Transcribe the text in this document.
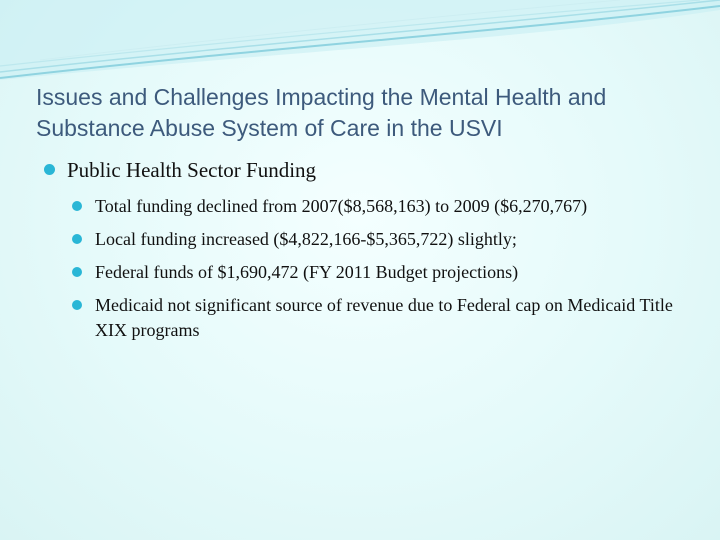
Issues and Challenges Impacting the Mental Health and Substance Abuse System of Care in the USVI
Public Health Sector Funding
Total funding declined from 2007($8,568,163) to 2009 ($6,270,767)
Local funding increased ($4,822,166-$5,365,722) slightly;
Federal funds of $1,690,472 (FY 2011 Budget projections)
Medicaid not significant source of revenue due to Federal cap on Medicaid Title XIX programs
